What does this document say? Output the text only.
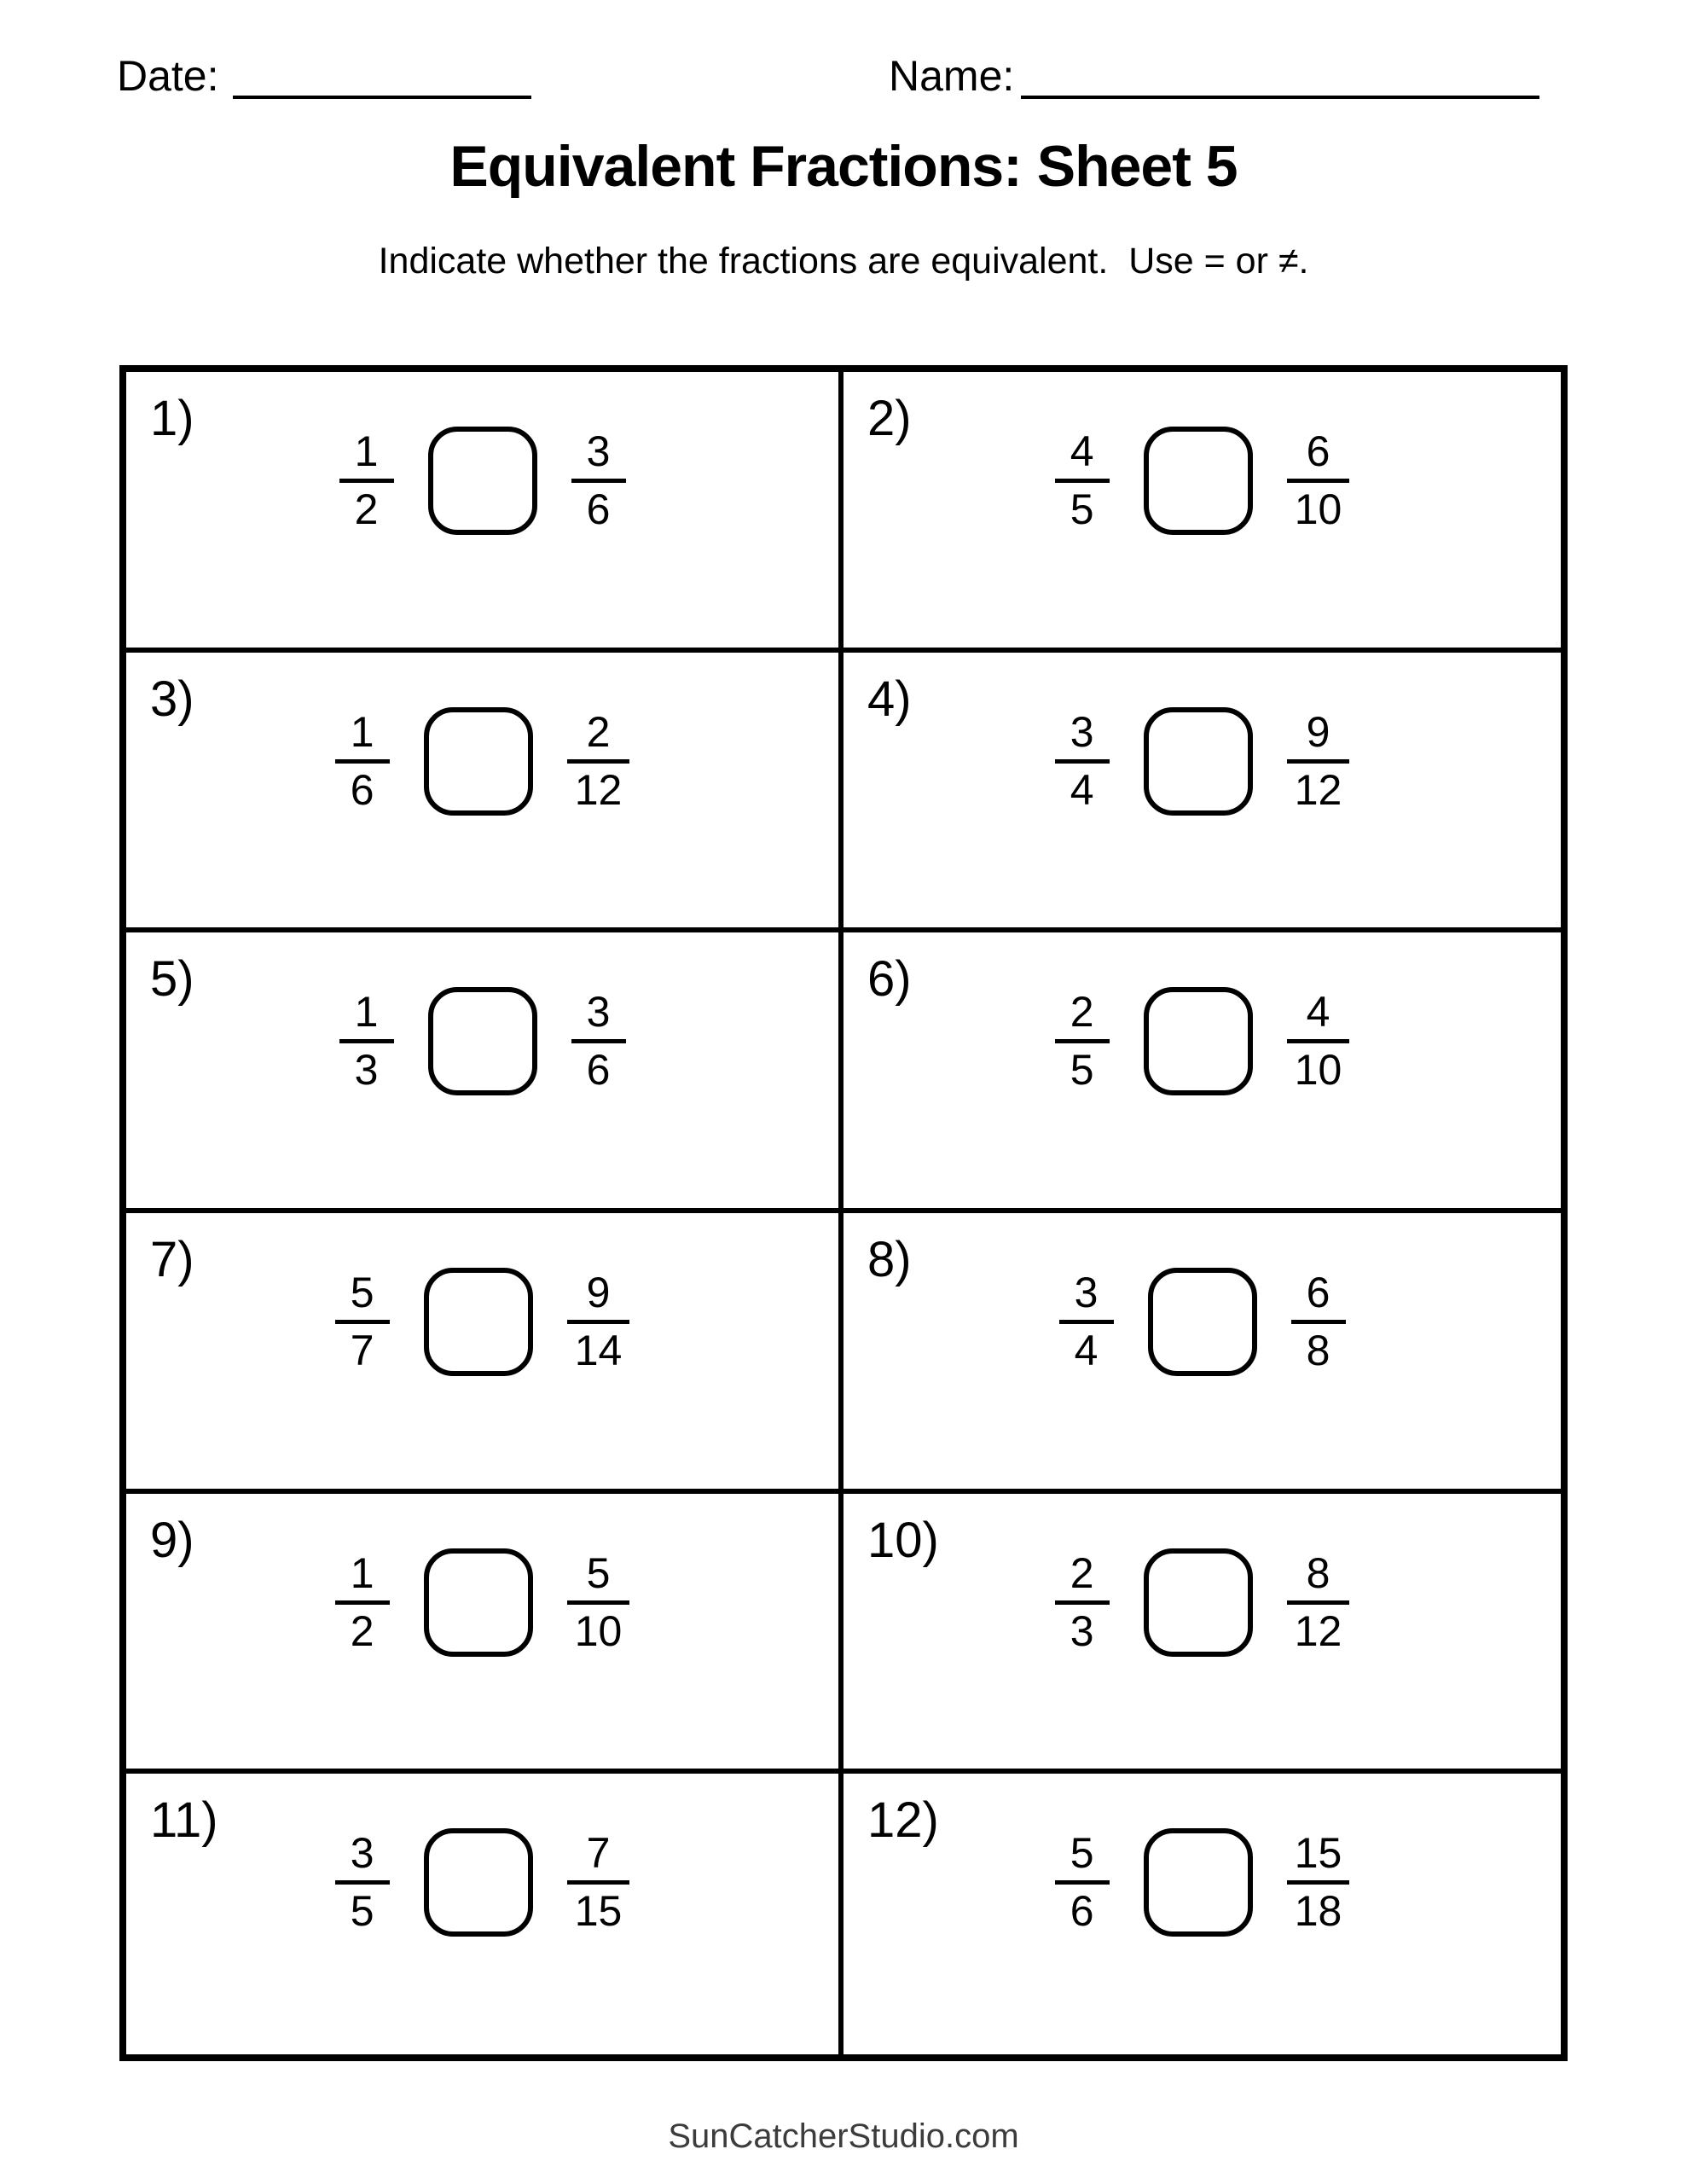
Date:	Name:
Equivalent Fractions: Sheet 5
Indicate whether the fractions are equivalent.  Use = or ≠.
1)
1
2
3
6
2)
4
5
6
10
3)
1
6
2
12
4)
3
4
9
12
5)
1
3
3
6
6)
2
5
4
10
7)
5
7
9
14
8)
3
4
6
8
9)
1
2
5
10
10)
2
3
8
12
11)
3
5
7
15
12)
5
6
15
18
SunCatcherStudio.com
